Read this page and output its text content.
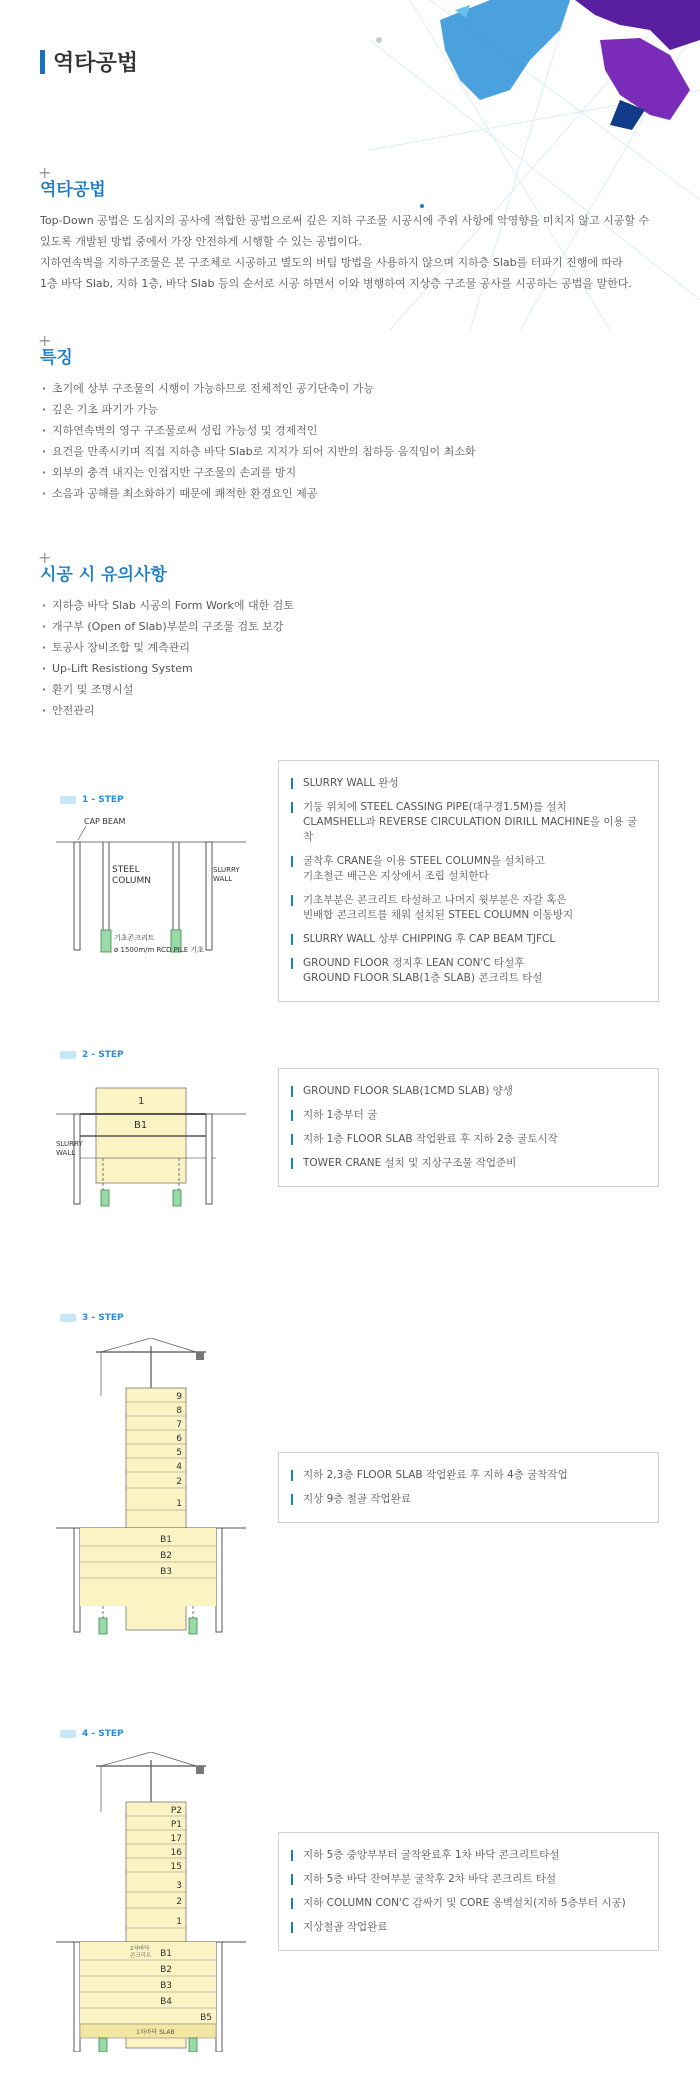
역타공법
+
역타공법

Top-Down 공법은 도심지의 공사에 적합한 공법으로써 깊은 지하 구조물 시공시에 주위 사항에 악영향을 미치지 않고 시공할 수

있도록 개발된 방법 중에서 가장 안전하게 시행할 수 있는 공법이다.

지하연속벽을 지하구조물은 본 구조체로 시공하고 별도의 버팀 방법을 사용하지 않으며 지하층 Slab를 터파기 진행에 따라

1층 바닥 Slab, 지하 1층, 바닥 Slab 등의 순서로 시공 하면서 이와 병행하여 지상층 구조물 공사를 시공하는 공법을 말한다.

+
특징
· 초기에 상부 구조물의 시행이 가능하므로 전체적인 공기단축이 가능
· 깊은 기초 파기가 가능
· 지하연속벽의 영구 구조물로써 성립 가능성 및 경제적인
· 요건을 만족시키며 직접 지하층 바닥 Slab로 지지가 되어 지반의 침하등 움직임이 최소화
· 외부의 충격 내지는 인접지반 구조물의 손괴를 방지
· 소음과 공해를 최소화하기 때문에 쾌적한 환경요인 제공
+
시공 시 유의사항
· 지하층 바닥 Slab 시공의 Form Work에 대한 검토
· 개구부 (Open of Slab)부분의 구조물 검토 보강
· 토공사 장비조합 및 계측관리
· Up-Lift Resistiong System
· 환기 및 조명시설
· 안전관리
1 - STEP
CAP BEAM
STEEL
COLUMN
SLURRY
WALL
기초콘크리트
ø 1500m/m RCD PILE 기초
SLURRY WALL 완성
기둥 위치에 STEEL CASSING PIPE(대구경1.5M)를 설치
CLAMSHELL과 REVERSE CIRCULATION DIRILL MACHINE을 이용 굴착
굴착후 CRANE을 이용 STEEL COLUMN을 설치하고
기초철근 배근은 지상에서 조립 설치한다
기초부분은 콘크리트 타설하고 나머지 윗부분은 자갈 혹은
빈배합 콘크리트를 채워 설치된 STEEL COLUMN 이동방지
SLURRY WALL 상부 CHIPPING 후 CAP BEAM TJFCL
GROUND FLOOR 정지후 LEAN CON'C 타설후
GROUND FLOOR SLAB(1층 SLAB) 콘크리트 타설
2 - STEP
1
B1
SLURRY
WALL
GROUND FLOOR SLAB(1CMD SLAB) 양생
지하 1층부터 굴
지하 1층 FLOOR SLAB 작업완료 후 지하 2층 굴토시작
TOWER CRANE 설치 및 지상구조물 작업준비
3 - STEP
9
8
7
6
5
4
2
1
B1
B2
B3
지하 2,3층 FLOOR SLAB 작업완료 후 지하 4층 굴착작업
지상 9층 철골 작업완료
4 - STEP
P2
P1
17
16
15
3
2
1
B1
B2
B3
B4
B5
1차바닥 SLAB
2차바닥
콘크리트
지하 5층 중앙부부터 굴착완료후 1차 바닥 콘크리트타설
지하 5층 바닥 잔여부분 굴착후 2차 바닥 콘크리트 타설
지하 COLUMN CON'C 감싸기 및 CORE 옹벽설치(지하 5층부터 시공)
지상철골 작업완료
